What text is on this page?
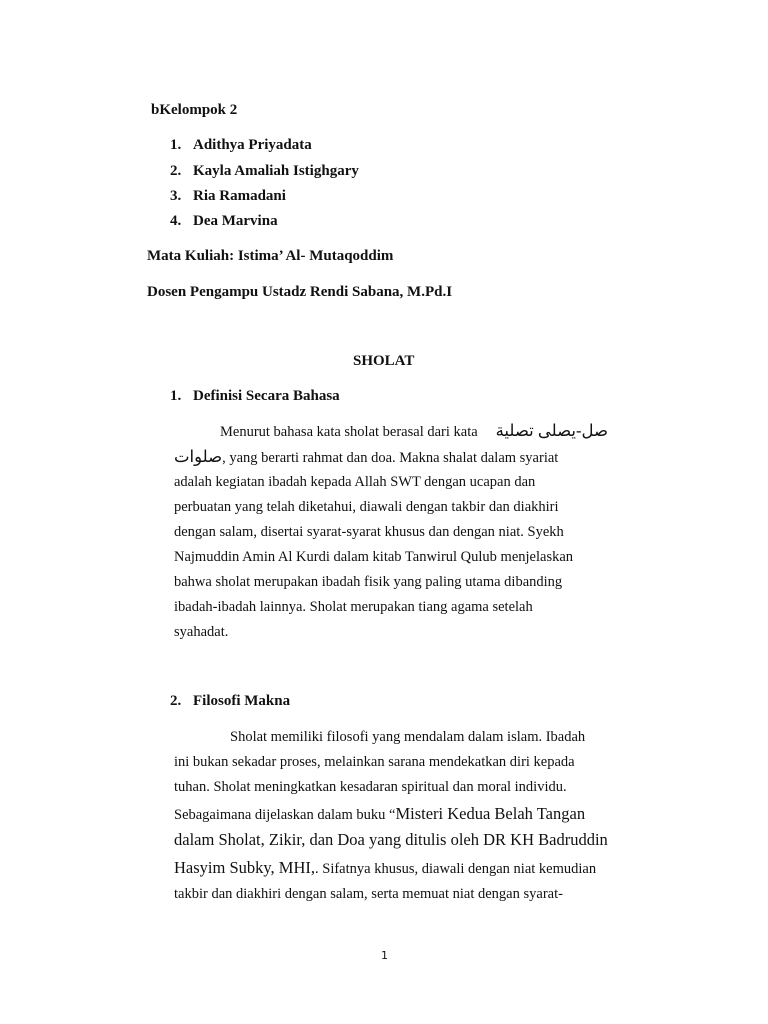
bKelompok 2
1. Adithya Priyadata
2. Kayla Amaliah Istighgary
3. Ria Ramadani
4. Dea Marvina
Mata Kuliah: Istima’ Al- Mutaqoddim
Dosen Pengampu Ustadz Rendi Sabana, M.Pd.I
SHOLAT
1. Definisi Secara Bahasa
Menurut bahasa kata sholat berasal dari kata صل-يصلى تصلية
صلوات, yang berarti rahmat dan doa. Makna shalat dalam syariat
adalah kegiatan ibadah kepada Allah SWT dengan ucapan dan
perbuatan yang telah diketahui, diawali dengan takbir dan diakhiri
dengan salam, disertai syarat-syarat khusus dan dengan niat. Syekh
Najmuddin Amin Al Kurdi dalam kitab Tanwirul Qulub menjelaskan
bahwa sholat merupakan ibadah fisik yang paling utama dibanding
ibadah-ibadah lainnya. Sholat merupakan tiang agama setelah
syahadat.
2. Filosofi Makna
Sholat memiliki filosofi yang mendalam dalam islam. Ibadah
ini bukan sekadar proses, melainkan sarana mendekatkan diri kepada
tuhan. Sholat meningkatkan kesadaran spiritual dan moral individu.
Sebagaimana dijelaskan dalam buku “Misteri Kedua Belah Tangan
dalam Sholat, Zikir, dan Doa yang ditulis oleh DR KH Badruddin
Hasyim Subky, MHI,. Sifatnya khusus, diawali dengan niat kemudian
takbir dan diakhiri dengan salam, serta memuat niat dengan syarat-
1
